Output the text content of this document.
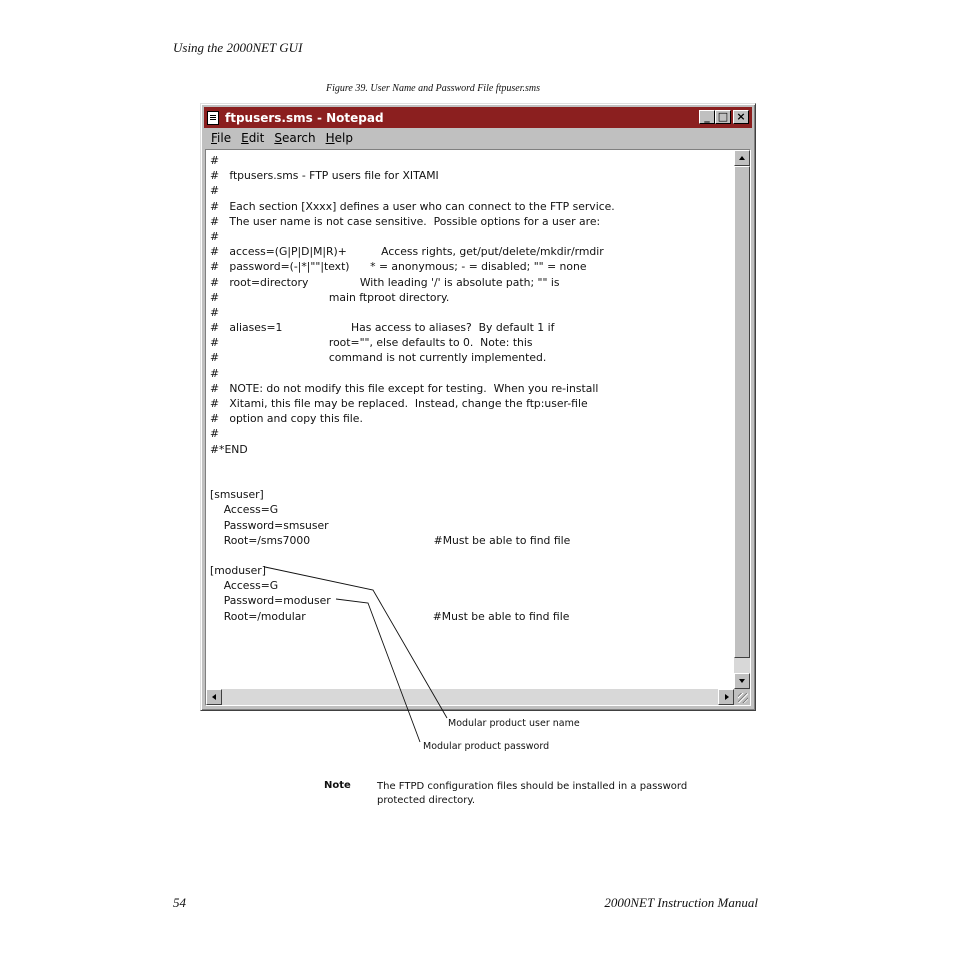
Using the 2000NET GUI
Figure 39. User Name and Password File ftpuser.sms
ftpusers.sms - Notepad	_ □ ×
File Edit Search Help
#
#   ftpusers.sms - FTP users file for XITAMI
#
#   Each section [Xxxx] defines a user who can connect to the FTP service.
#   The user name is not case sensitive.  Possible options for a user are:
#
#   access=(G|P|D|M|R)+          Access rights, get/put/delete/mkdir/rmdir
#   password=(-|*|""|text)      * = anonymous; - = disabled; "" = none
#   root=directory               With leading '/' is absolute path; "" is
#                                main ftproot directory.
#
#   aliases=1                    Has access to aliases?  By default 1 if
#                                root="", else defaults to 0.  Note: this
#                                command is not currently implemented.
#
#   NOTE: do not modify this file except for testing.  When you re-install
#   Xitami, this file may be replaced.  Instead, change the ftp:user-file
#   option and copy this file.
#
#*END
[smsuser]
Access=G
Password=smsuser
Root=/sms7000                                    #Must be able to find file
[moduser]
Access=G
Password=moduser
Root=/modular                                     #Must be able to find file
Modular product user name
Modular product password
Note	The FTPD configuration files should be installed in a password protected directory.
54	2000NET Instruction Manual
